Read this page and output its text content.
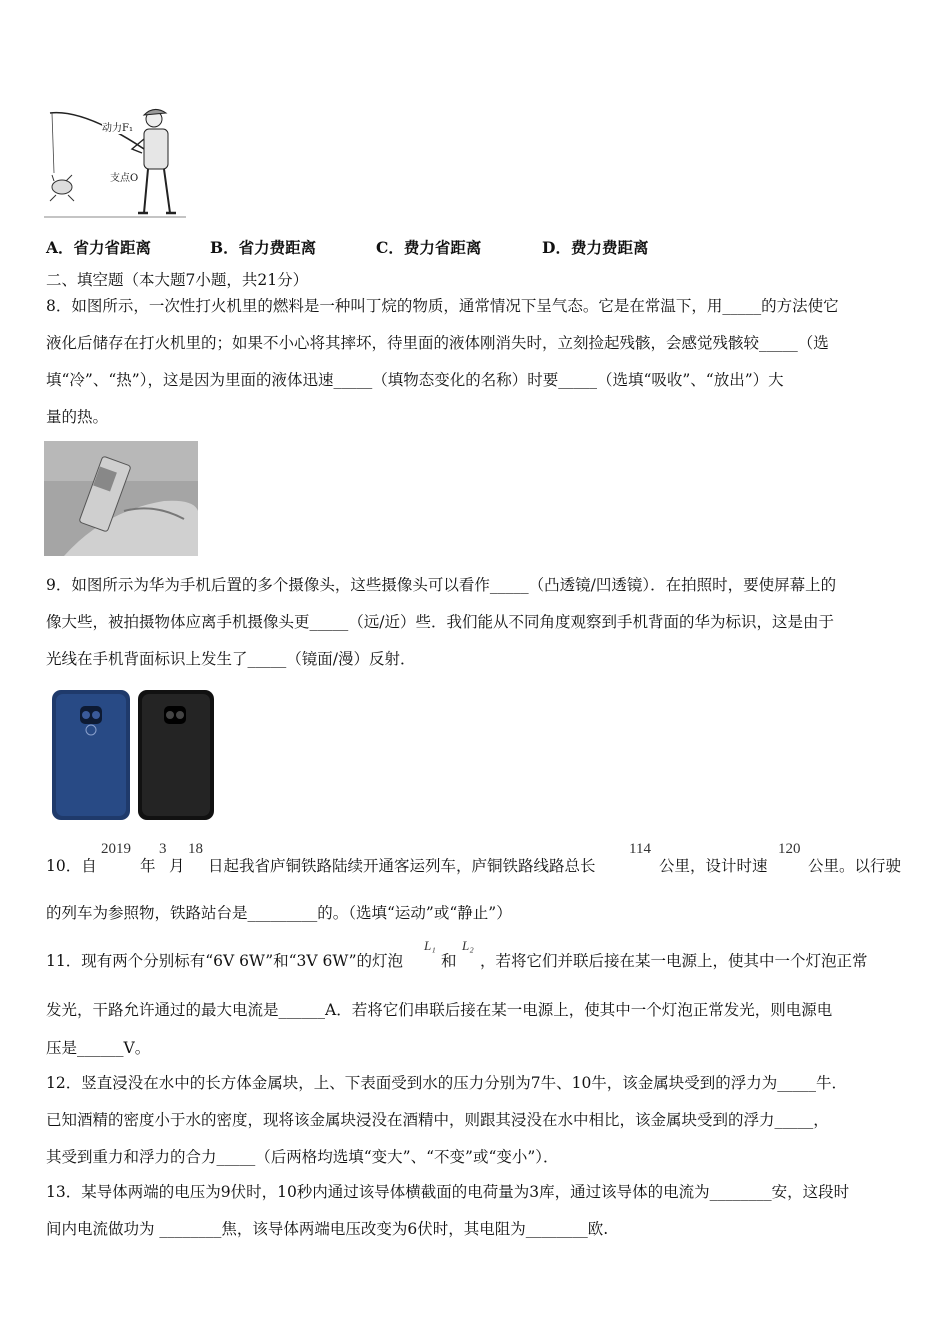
动力F₁
支点O
A．省力省距离	B．省力费距离	C．费力省距离	D．费力费距离
二、填空题（本大题7小题，共21分）
8．如图所示，一次性打火机里的燃料是一种叫丁烷的物质，通常情况下呈气态。它是在常温下，用_____的方法使它
液化后储存在打火机里的；如果不小心将其摔坏，待里面的液体刚消失时，立刻捡起残骸，会感觉残骸较_____（选
填“冷”、“热”），这是因为里面的液体迅速_____（填物态变化的名称）时要_____（选填“吸收”、“放出”）大
量的热。
9．如图所示为华为手机后置的多个摄像头，这些摄像头可以看作_____（凸透镜/凹透镜）．在拍照时，要使屏幕上的
像大些，被拍摄物体应离手机摄像头更_____（远/近）些．我们能从不同角度观察到手机背面的华为标识，这是由于
光线在手机背面标识上发生了_____（镜面/漫）反射．
10．自
2019
年
3
月
18
日起我省庐铜铁路陆续开通客运列车，庐铜铁路线路总长
114
公里，设计时速
120
公里。以行驶
的列车为参照物，铁路站台是_________的。（选填“运动”或“静止”）
11．现有两个分别标有“6V 6W”和“3V 6W”的灯泡
L₁
和
L₂
，若将它们并联后接在某一电源上，使其中一个灯泡正常
发光，干路允许通过的最大电流是______A．若将它们串联后接在某一电源上，使其中一个灯泡正常发光，则电源电
压是______V。
12．竖直浸没在水中的长方体金属块，上、下表面受到水的压力分别为7牛、10牛，该金属块受到的浮力为_____牛．
已知酒精的密度小于水的密度，现将该金属块浸没在酒精中，则跟其浸没在水中相比，该金属块受到的浮力_____，
其受到重力和浮力的合力_____（后两格均选填“变大”、“不变”或“变小”）．
13．某导体两端的电压为9伏时，10秒内通过该导体横截面的电荷量为3库，通过该导体的电流为________安，这段时
间内电流做功为 ________焦，该导体两端电压改变为6伏时，其电阻为________欧.
